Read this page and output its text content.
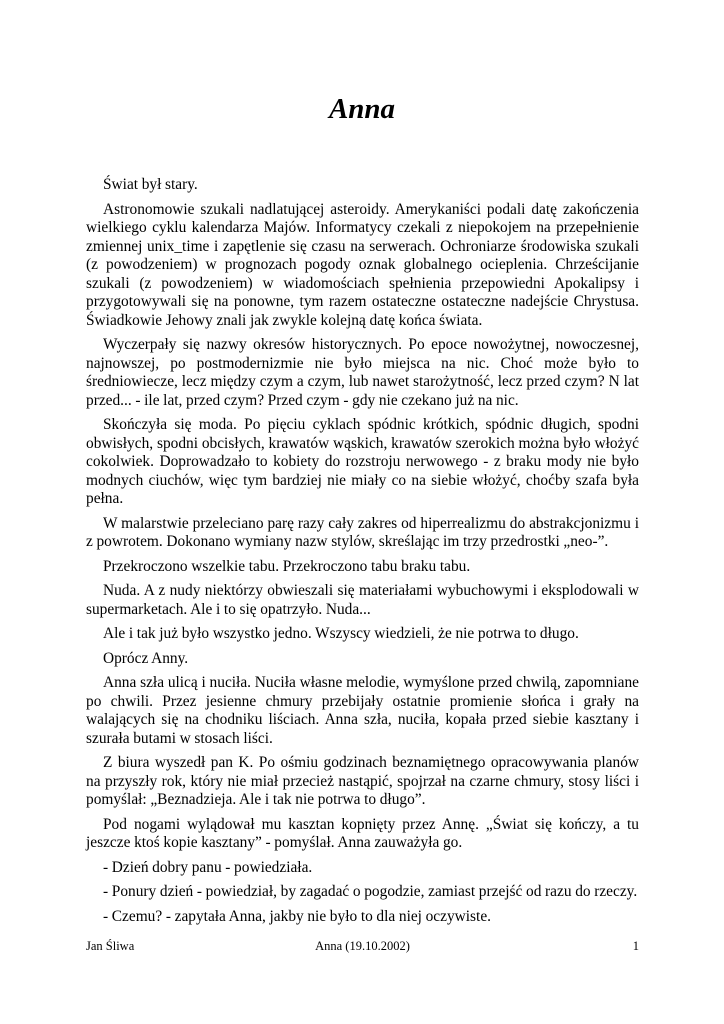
Anna

Świat był stary.

Astronomowie szukali nadlatującej asteroidy. Amerykaniści podali datę zakończenia wielkiego cyklu kalendarza Majów. Informatycy czekali z niepokojem na przepełnienie zmiennej unix_time i zapętlenie się czasu na serwerach. Ochroniarze środowiska szukali (z powodzeniem) w prognozach pogody oznak globalnego ocieplenia. Chrześcijanie szukali (z powodzeniem) w wiadomościach spełnienia przepowiedni Apokalipsy i przygotowywali się na ponowne, tym razem ostateczne ostateczne nadejście Chrystusa. Świadkowie Jehowy znali jak zwykle kolejną datę końca świata.

Wyczerpały się nazwy okresów historycznych. Po epoce nowożytnej, nowoczesnej, najnowszej, po postmodernizmie nie było miejsca na nic. Choć może było to średniowiecze, lecz między czym a czym, lub nawet starożytność, lecz przed czym? N lat przed... - ile lat, przed czym? Przed czym - gdy nie czekano już na nic.

Skończyła się moda. Po pięciu cyklach spódnic krótkich, spódnic długich, spodni obwisłych, spodni obcisłych, krawatów wąskich, krawatów szerokich można było włożyć cokolwiek. Doprowadzało to kobiety do rozstroju nerwowego - z braku mody nie było modnych ciuchów, więc tym bardziej nie miały co na siebie włożyć, choćby szafa była pełna.

W malarstwie przeleciano parę razy cały zakres od hiperrealizmu do abstrakcjonizmu i z powrotem. Dokonano wymiany nazw stylów, skreślając im trzy przedrostki „neo-”.

Przekroczono wszelkie tabu. Przekroczono tabu braku tabu.

Nuda. A z nudy niektórzy obwieszali się materiałami wybuchowymi i eksplodowali w supermarketach. Ale i to się opatrzyło. Nuda...

Ale i tak już było wszystko jedno. Wszyscy wiedzieli, że nie potrwa to długo.

Oprócz Anny.

Anna szła ulicą i nuciła. Nuciła własne melodie, wymyślone przed chwilą, zapomniane po chwili. Przez jesienne chmury przebijały ostatnie promienie słońca i grały na walających się na chodniku liściach. Anna szła, nuciła, kopała przed siebie kasztany i szurała butami w stosach liści.

Z biura wyszedł pan K. Po ośmiu godzinach beznamiętnego opracowywania planów na przyszły rok, który nie miał przecież nastąpić, spojrzał na czarne chmury, stosy liści i pomyślał: „Beznadzieja. Ale i tak nie potrwa to długo”.

Pod nogami wylądował mu kasztan kopnięty przez Annę. „Świat się kończy, a tu jeszcze ktoś kopie kasztany” - pomyślał. Anna zauważyła go.

- Dzień dobry panu - powiedziała.

- Ponury dzień - powiedział, by zagadać o pogodzie, zamiast przejść od razu do rzeczy.

- Czemu? - zapytała Anna, jakby nie było to dla niej oczywiste.

Jan Śliwa	Anna (19.10.2002)	1
